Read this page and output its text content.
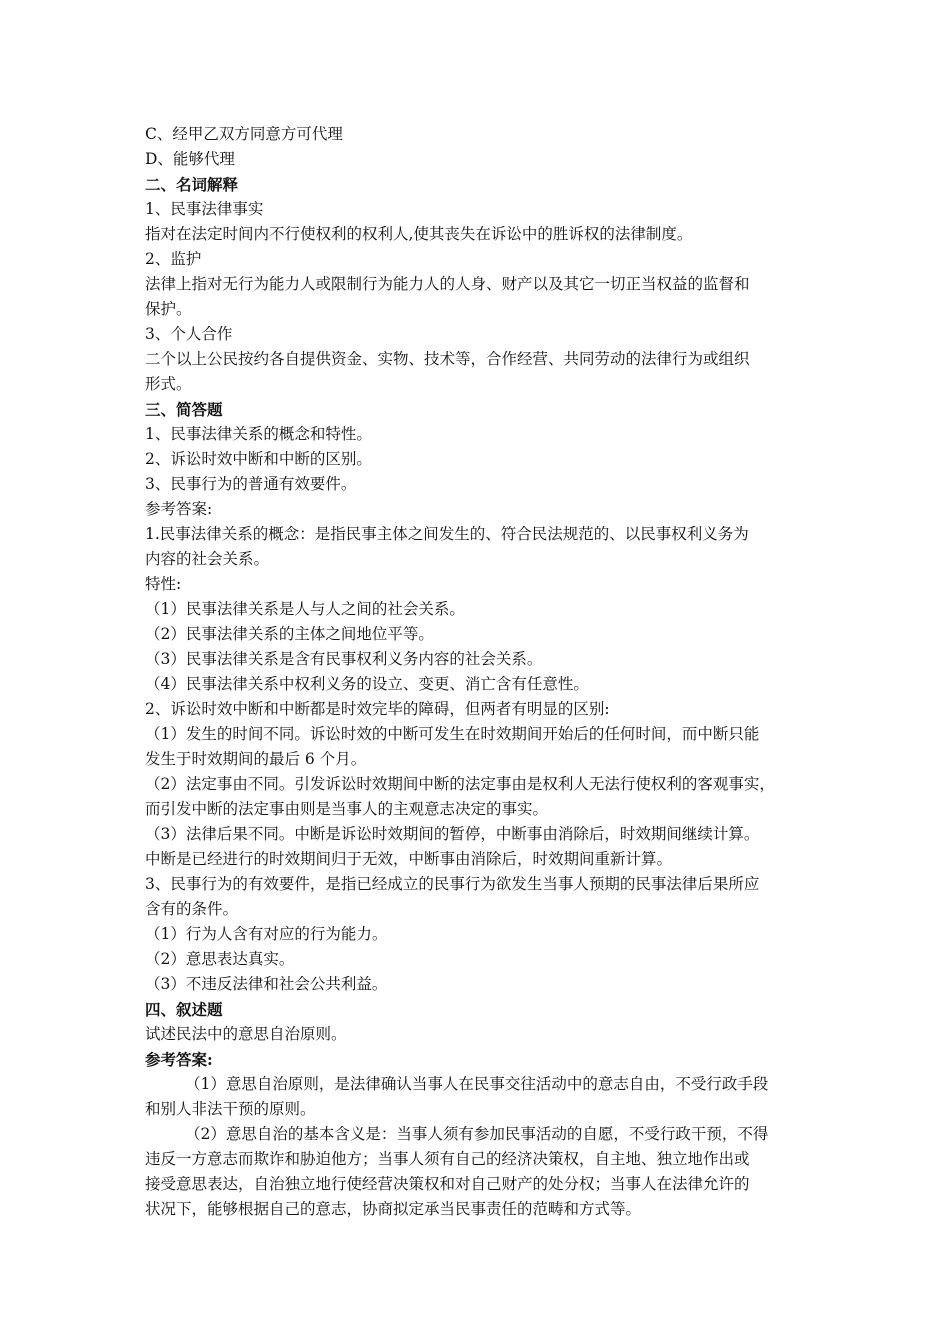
C、经甲乙双方同意方可代理
D、能够代理
二、名词解释
1、民事法律事实
指对在法定时间内不行使权利的权利人,使其丧失在诉讼中的胜诉权的法律制度。
2、监护
法律上指对无行为能力人或限制行为能力人的人身、财产以及其它一切正当权益的监督和
保护。
3、个人合作
二个以上公民按约各自提供资金、实物、技术等，合作经营、共同劳动的法律行为或组织
形式。
三、简答题
1、民事法律关系的概念和特性。
2、诉讼时效中断和中断的区别。
3、民事行为的普通有效要件。
参考答案:
1.民事法律关系的概念：是指民事主体之间发生的、符合民法规范的、以民事权利义务为
内容的社会关系。
特性:
（1）民事法律关系是人与人之间的社会关系。
（2）民事法律关系的主体之间地位平等。
（3）民事法律关系是含有民事权利义务内容的社会关系。
（4）民事法律关系中权利义务的设立、变更、消亡含有任意性。
2、诉讼时效中断和中断都是时效完毕的障碍，但两者有明显的区别:
（1）发生的时间不同。诉讼时效的中断可发生在时效期间开始后的任何时间，而中断只能
发生于时效期间的最后 6 个月。
（2）法定事由不同。引发诉讼时效期间中断的法定事由是权利人无法行使权利的客观事实，
而引发中断的法定事由则是当事人的主观意志决定的事实。
（3）法律后果不同。中断是诉讼时效期间的暂停，中断事由消除后，时效期间继续计算。
中断是已经进行的时效期间归于无效，中断事由消除后，时效期间重新计算。
3、民事行为的有效要件，是指已经成立的民事行为欲发生当事人预期的民事法律后果所应
含有的条件。
（1）行为人含有对应的行为能力。
（2）意思表达真实。
（3）不违反法律和社会公共利益。
四、叙述题
试述民法中的意思自治原则。
参考答案:
（1）意思自治原则，是法律确认当事人在民事交往活动中的意志自由，不受行政手段
和别人非法干预的原则。
（2）意思自治的基本含义是：当事人须有参加民事活动的自愿，不受行政干预，不得
违反一方意志而欺诈和胁迫他方；当事人须有自己的经济决策权，自主地、独立地作出或
接受意思表达，自治独立地行使经营决策权和对自己财产的处分权；当事人在法律允许的
状况下，能够根据自己的意志，协商拟定承当民事责任的范畴和方式等。
